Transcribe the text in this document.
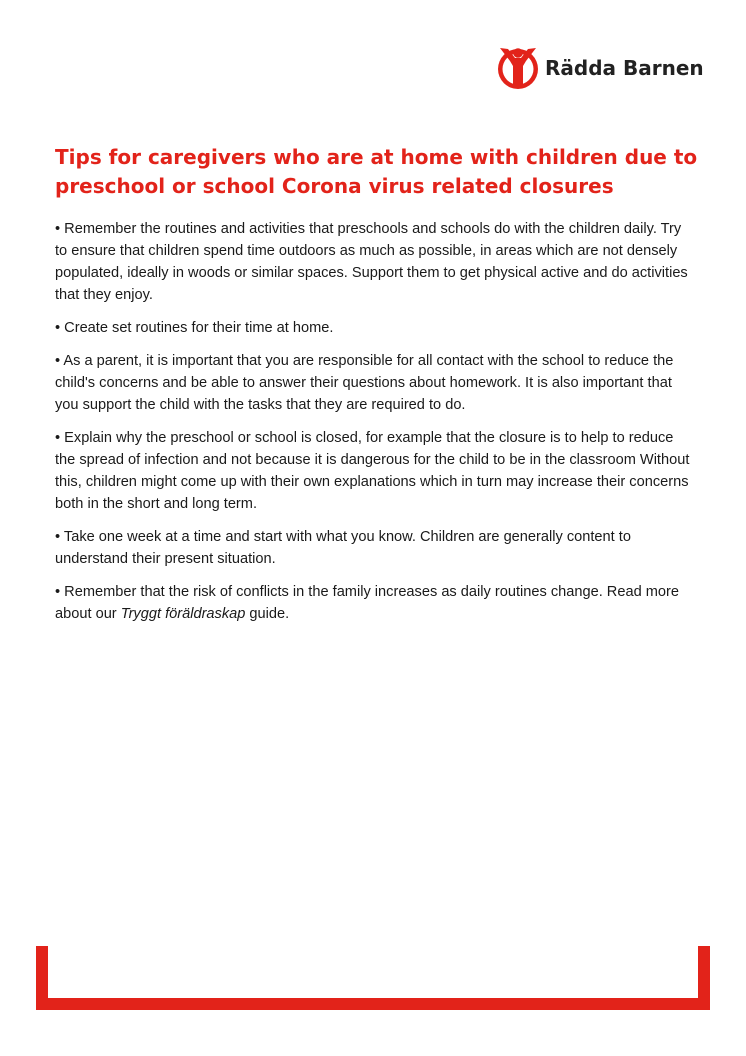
Rädda Barnen
Tips for caregivers who are at home with children due to preschool or school Corona virus related closures

• Remember the routines and activities that preschools and schools do with the children daily. Try to ensure that children spend time outdoors as much as possible, in areas which are not densely populated, ideally in woods or similar spaces. Support them to get physical active and do activities that they enjoy.

• Create set routines for their time at home.

• As a parent, it is important that you are responsible for all contact with the school to reduce the child's concerns and be able to answer their questions about homework. It is also important that you support the child with the tasks that they are required to do.

• Explain why the preschool or school is closed, for example that the closure is to help to reduce the spread of infection and not because it is dangerous for the child to be in the classroom Without this, children might come up with their own explanations which in turn may increase their concerns both in the short and long term.

• Take one week at a time and start with what you know. Children are generally content to understand their present situation.

• Remember that the risk of conflicts in the family increases as daily routines change. Read more about our Tryggt föräldraskap guide.
